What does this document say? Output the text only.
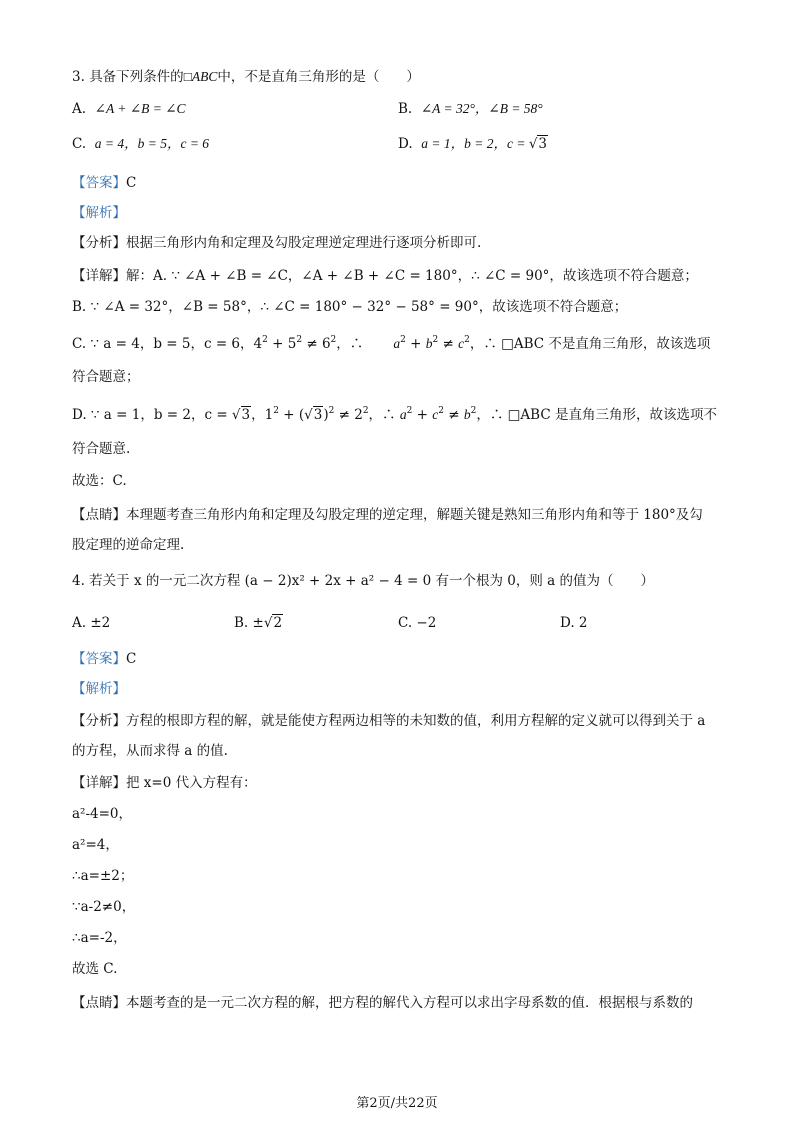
3. 具备下列条件的□ABC中，不是直角三角形的是（　　）
A. ∠A + ∠B = ∠C	B. ∠A = 32°，∠B = 58°
C. a = 4，b = 5，c = 6	D. a = 1，b = 2，c = √3
【答案】C
【解析】
【分析】根据三角形内角和定理及勾股定理逆定理进行逐项分析即可.
【详解】解：A. ∵ ∠A + ∠B = ∠C，∠A + ∠B + ∠C = 180°，∴ ∠C = 90°，故该选项不符合题意；
B. ∵ ∠A = 32°，∠B = 58°，∴ ∠C = 180° − 32° − 58° = 90°，故该选项不符合题意；
C. ∵ a = 4，b = 5，c = 6，$4^2 + 5^2 \ne 6^2$，∴       $a^2 + b^2 \ne c^2$，∴ □ABC 不是直角三角形，故该选项
符合题意；
D. ∵ a = 1，b = 2，c = √3，$1^2 + (√3)^2 \ne 2^2$，∴ $a^2 + c^2 \ne b^2$，∴ □ABC 是直角三角形，故该选项不
符合题意.
故选：C.
【点睛】本理题考查三角形内角和定理及勾股定理的逆定理，解题关键是熟知三角形内角和等于 180°及勾
股定理的逆命定理.
4. 若关于 x 的一元二次方程 (a − 2)x² + 2x + a² − 4 = 0 有一个根为 0，则 a 的值为（　　）
A. ±2	B. ±√2	C. −2	D. 2
【答案】C
【解析】
【分析】方程的根即方程的解，就是能使方程两边相等的未知数的值，利用方程解的定义就可以得到关于 a
的方程，从而求得 a 的值.
【详解】把 x=0 代入方程有：
a²-4=0，
a²=4，
∴a=±2；
∵a-2≠0，
∴a=-2，
故选 C.
【点睛】本题考查的是一元二次方程的解，把方程的解代入方程可以求出字母系数的值．根据根与系数的
第2页/共22页
